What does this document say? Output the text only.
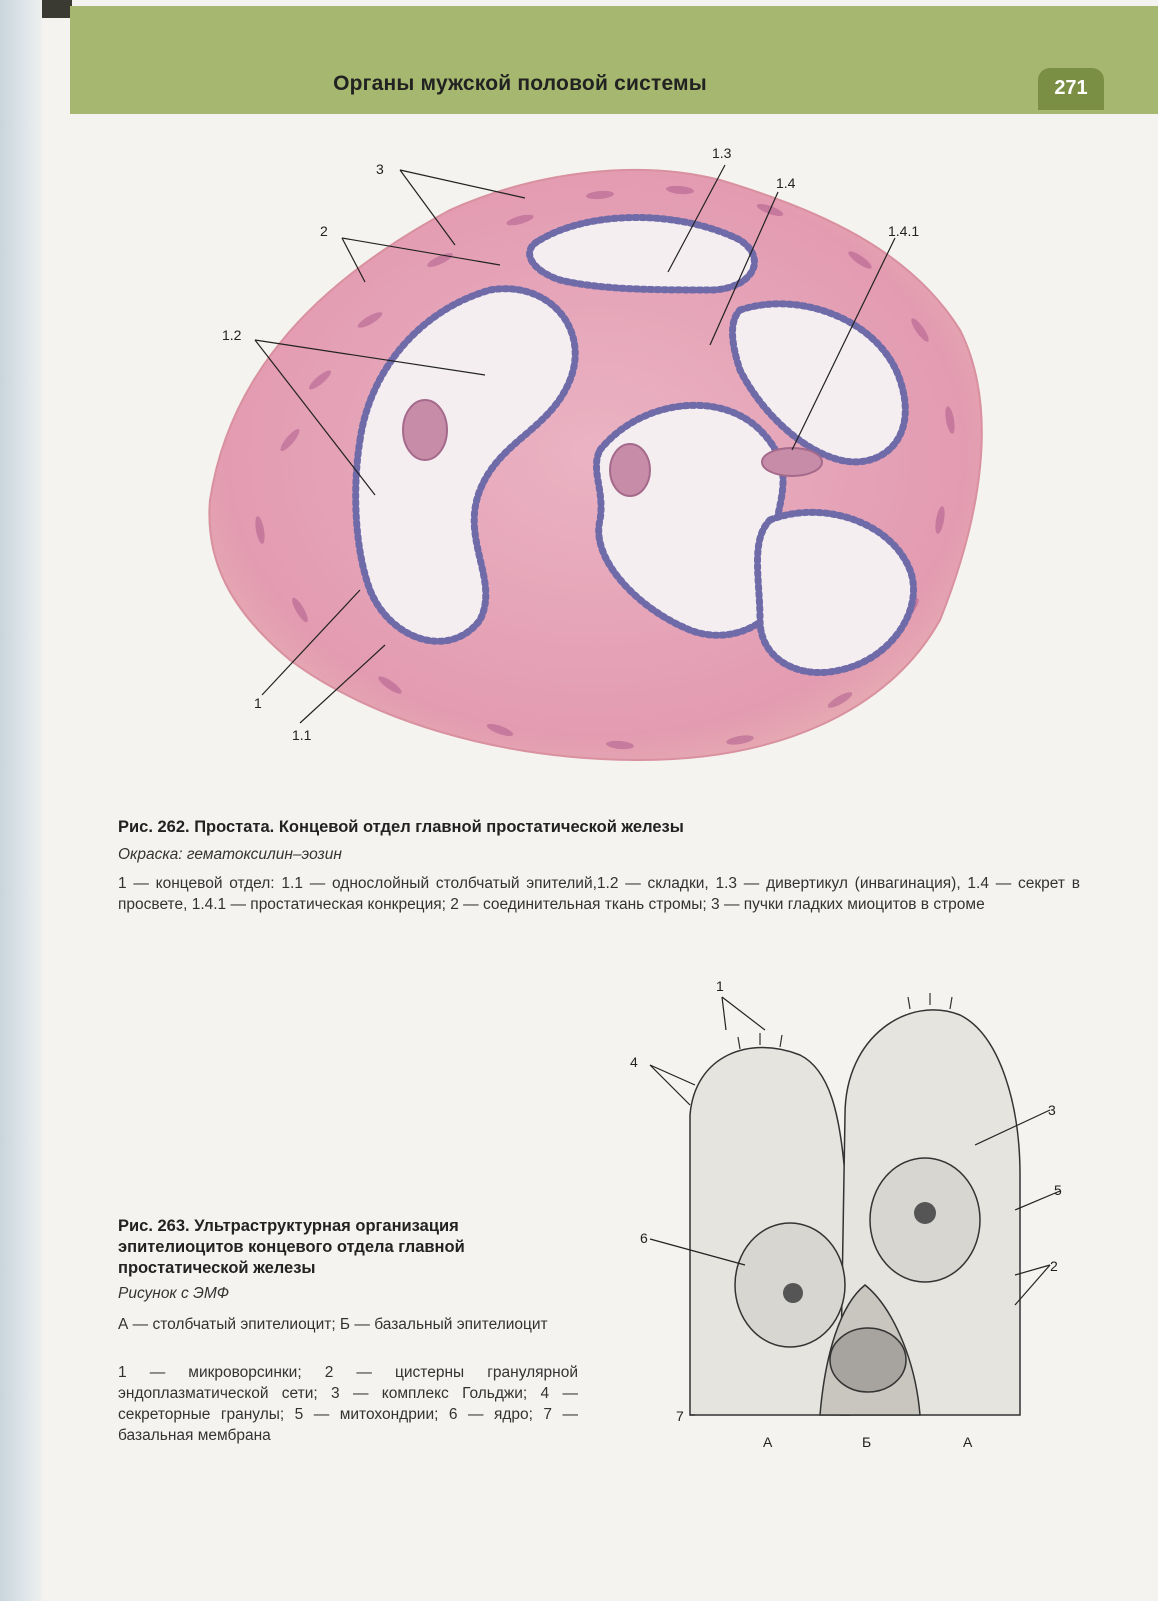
Органы мужской половой системы	271
3
1.3
1.4
1.4.1
2
1.2
1
1.1
Рис. 262. Простата. Концевой отдел главной простатической железы
Окраска: гематоксилин–эозин
1 — концевой отдел: 1.1 — однослойный столбчатый эпителий,1.2 — складки, 1.3 — дивертикул (инвагинация), 1.4 — секрет в просвете, 1.4.1 — простатическая конкреция; 2 — соединительная ткань стромы; 3 — пучки гладких миоцитов в строме
1
4
3
5
6
2
7
А	Б	А
Рис. 263. Ультраструктурная организация эпителиоцитов концевого отдела главной простатической железы
Рисунок с ЭМФ
А — столбчатый эпителиоцит; Б — базальный эпителиоцит
1 — микроворсинки; 2 — цистерны гранулярной эндоплазматической сети; 3 — комплекс Гольджи; 4 — секреторные гранулы; 5 — митохондрии; 6 — ядро; 7 — базальная мембрана
